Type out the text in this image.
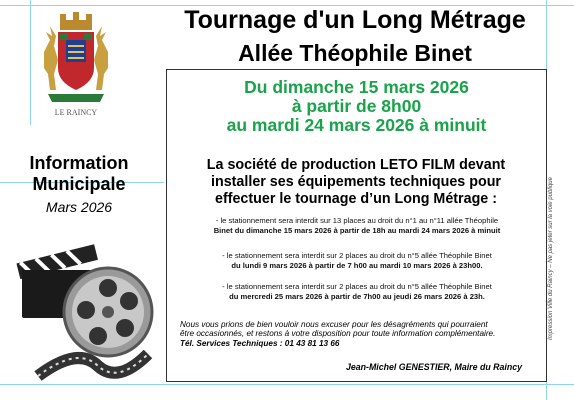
LE RAINCY
Tournage d'un Long Métrage
Allée Théophile Binet
Du dimanche 15 mars 2026
à partir de 8h00
au mardi 24 mars 2026 à minuit
La société de production LETO FILM devant
installer ses équipements techniques pour
effectuer le tournage d’un Long Métrage :
- le stationnement sera interdit sur 13 places au droit du n°1 au n°11 allée Théophile
Binet du dimanche 15 mars 2026 à partir de 18h au mardi 24 mars 2026 à minuit
- le stationnement sera interdit sur 2 places au droit du n°5 allée Théophile Binet
du lundi 9 mars 2026 à partir de 7 h00 au mardi 10 mars 2026 à 23h00.
- le stationnement sera interdit sur 2 places au droit du n°5 allée Théophile Binet
du mercredi 25 mars 2026 à partir de 7h00 au jeudi 26 mars 2026 à 23h.
Nous vous prions de bien vouloir nous excuser pour les désagréments qui pourraient
être occasionnés, et restons à votre disposition pour toute information complémentaire.
Tél. Services Techniques : 01 43 81 13 66
Jean-Michel GENESTIER, Maire du Raincy
Information
Municipale
Mars 2026	Impression Ville du Raincy – Ne pas jeter sur la voie publique
